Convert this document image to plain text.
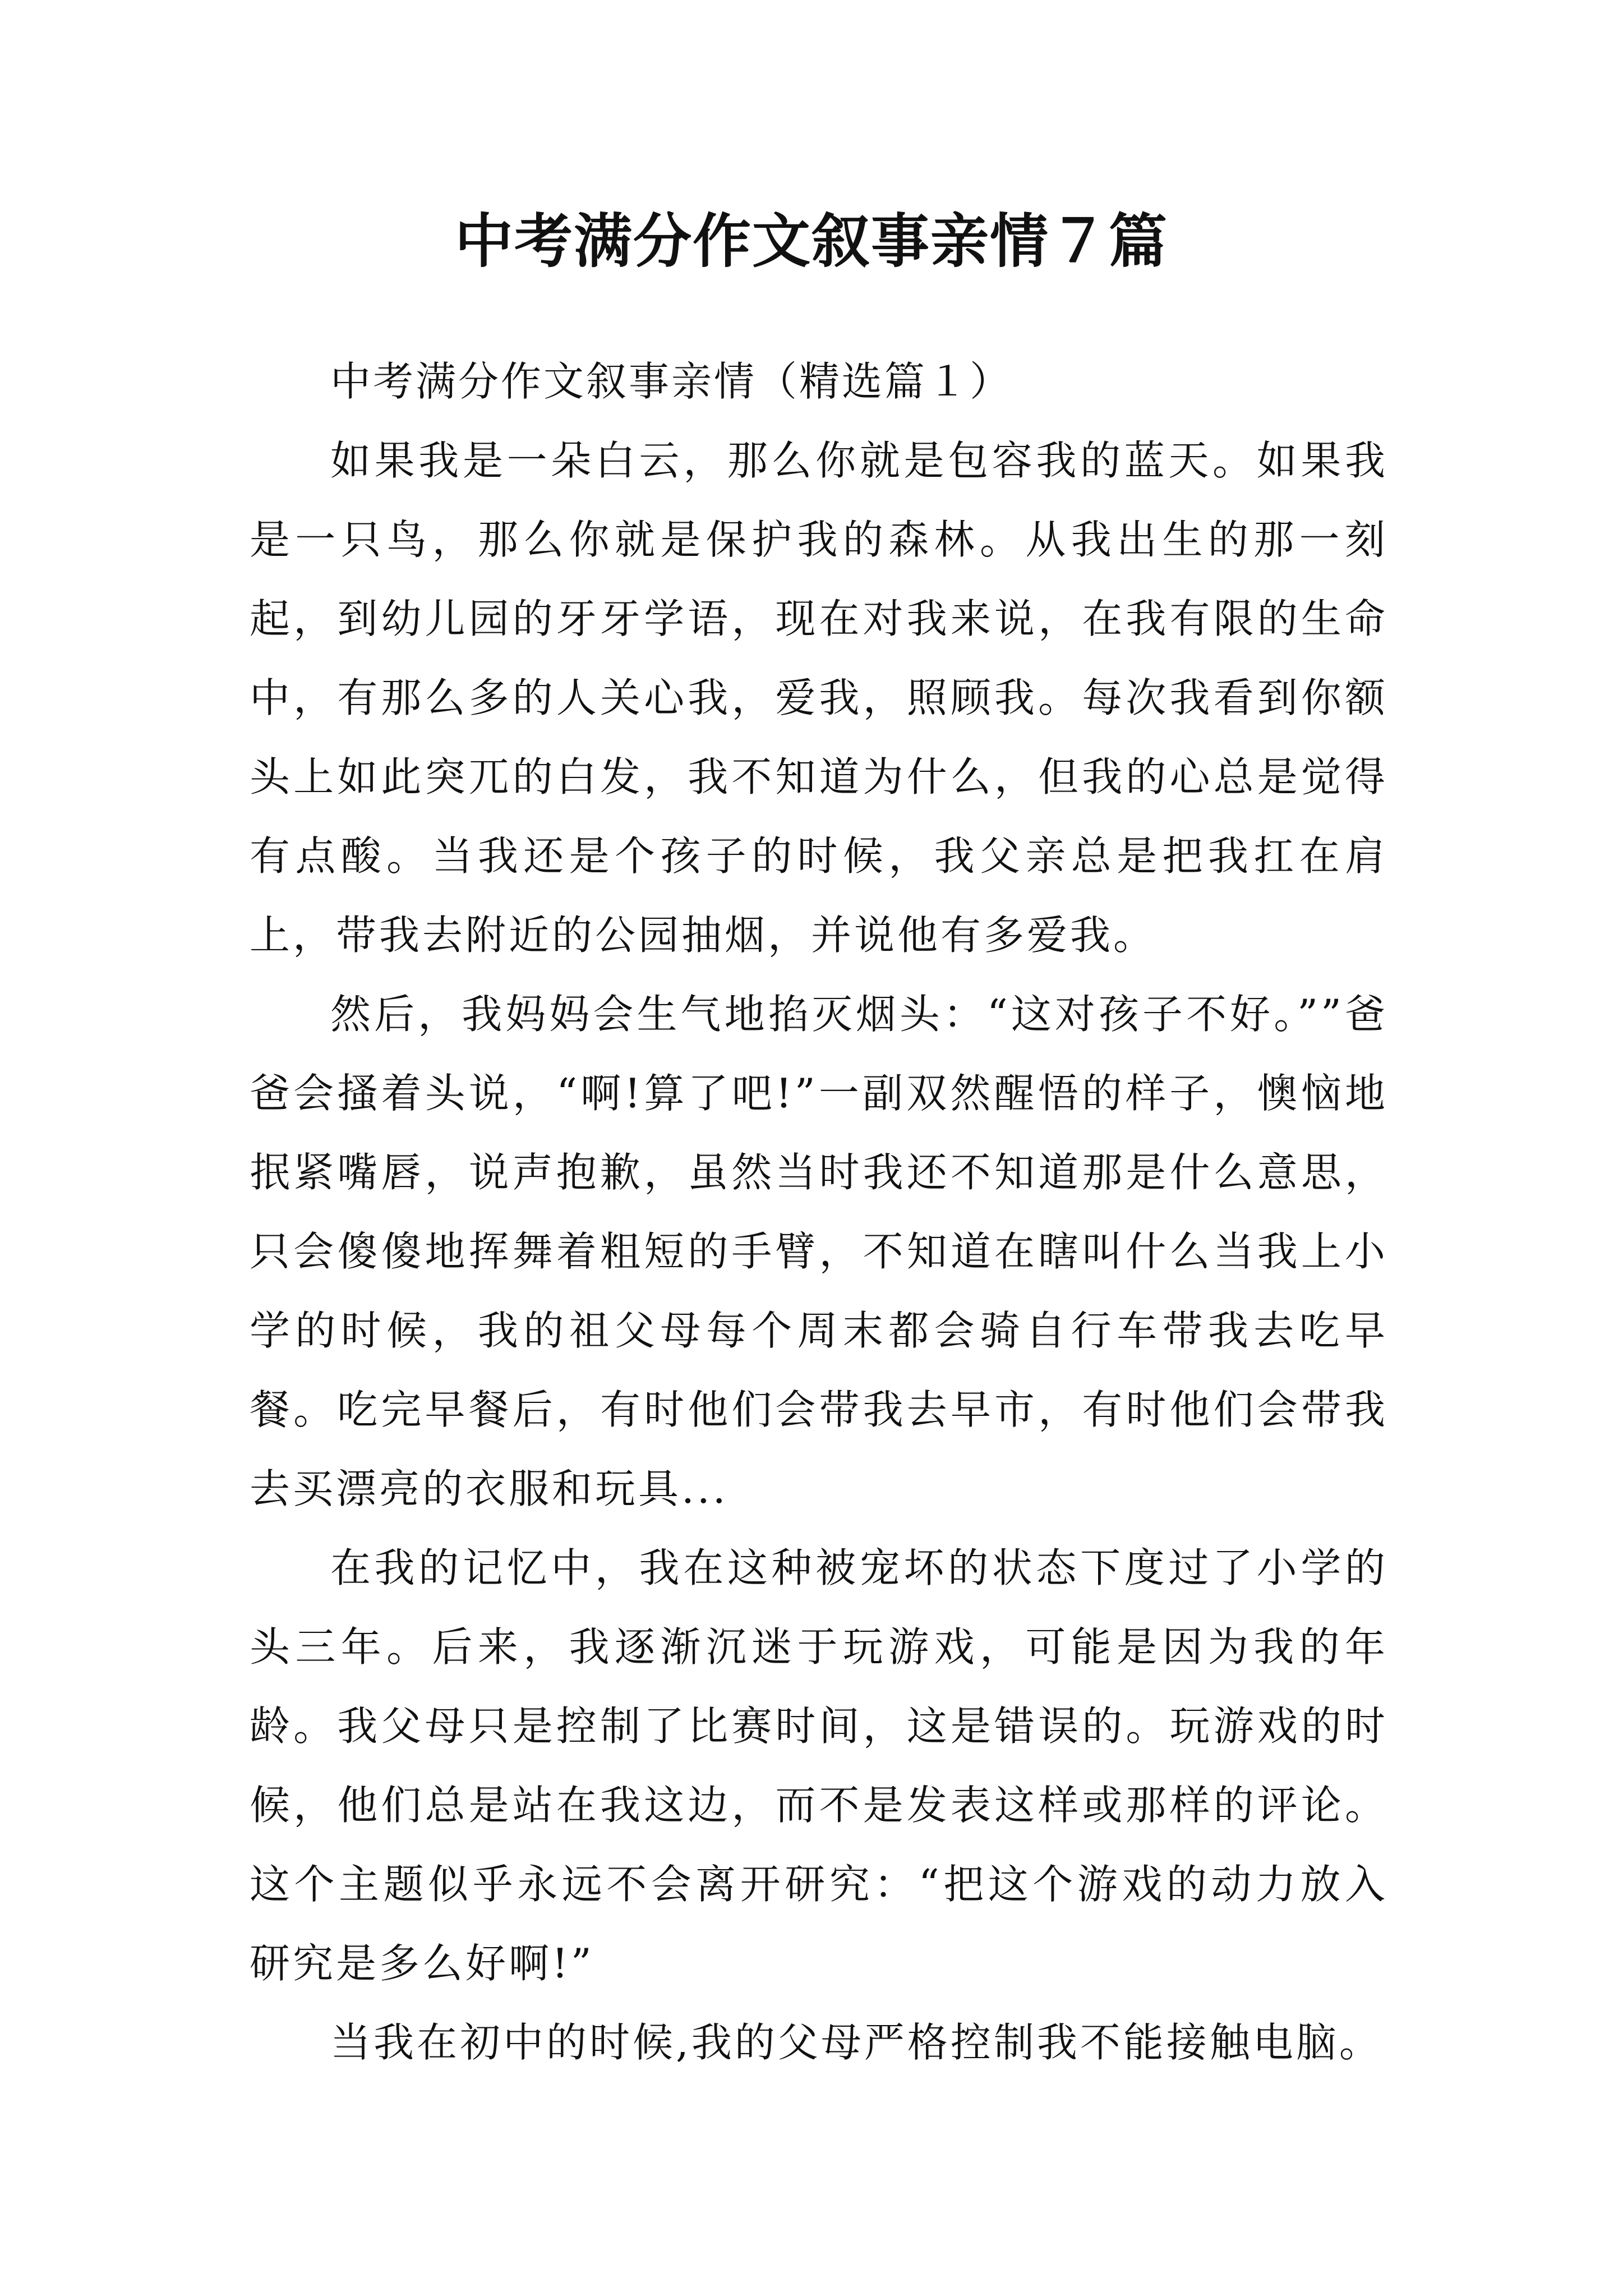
中考满分作文叙事亲情７篇

中考满分作文叙事亲情（精选篇１）

如果我是一朵白云，那么你就是包容我的蓝天。如果我是一只鸟，那么你就是保护我的森林。从我出生的那一刻起，到幼儿园的牙牙学语，现在对我来说，在我有限的生命中，有那么多的人关心我，爱我，照顾我。每次我看到你额头上如此突兀的白发，我不知道为什么，但我的心总是觉得有点酸。当我还是个孩子的时候，我父亲总是把我扛在肩上，带我去附近的公园抽烟，并说他有多爱我。

然后，我妈妈会生气地掐灭烟头：“这对孩子不好。””爸爸会搔着头说，“啊!算了吧!”一副双然醒悟的样子，懊恼地抿紧嘴唇，说声抱歉，虽然当时我还不知道那是什么意思，只会傻傻地挥舞着粗短的手臂，不知道在瞎叫什么当我上小学的时候，我的祖父母每个周末都会骑自行车带我去吃早餐。吃完早餐后，有时他们会带我去早市，有时他们会带我去买漂亮的衣服和玩具...

在我的记忆中，我在这种被宠坏的状态下度过了小学的头三年。后来，我逐渐沉迷于玩游戏，可能是因为我的年龄。我父母只是控制了比赛时间，这是错误的。玩游戏的时候，他们总是站在我这边，而不是发表这样或那样的评论。这个主题似乎永远不会离开研究：“把这个游戏的动力放入研究是多么好啊!”

当我在初中的时候,我的父母严格控制我不能接触电脑。
